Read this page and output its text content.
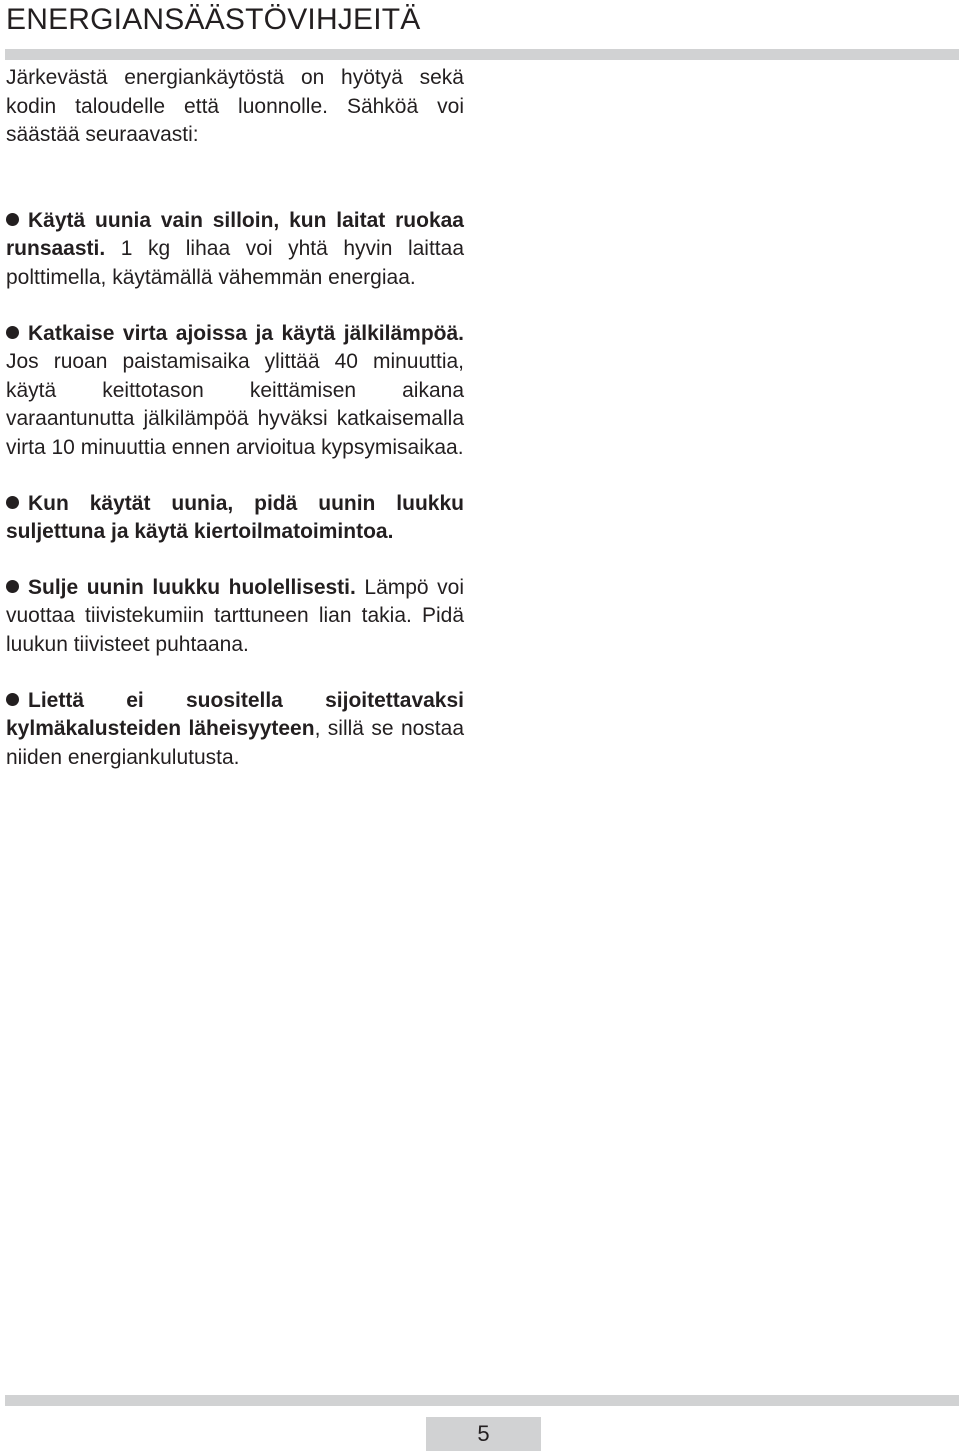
ENERGIANSÄÄSTÖVIHJEITÄ

Järkevästä energiankäytöstä on hyötyä sekä kodin taloudelle että luonnolle. Sähköä voi säästää seuraavasti:

Käytä uunia vain silloin, kun laitat ruokaa runsaasti. 1 kg lihaa voi yhtä hyvin laittaa polttimella, käytämällä vähemmän energiaa.

Katkaise virta ajoissa ja käytä jälkilämpöä. Jos ruoan paistamisaika ylittää 40 minuuttia, käytä keittotason keittämisen aikana varaantunutta jälkilämpöä hyväksi katkaisemalla virta 10 minuuttia ennen arvioitua kypsymisaikaa.

Kun käytät uunia, pidä uunin luukku suljettuna ja käytä kiertoilmatoimintoa.

Sulje uunin luukku huolellisesti. Lämpö voi vuottaa tiivistekumiin tarttuneen lian takia. Pidä luukun tiivisteet puhtaana.

Liettä ei suositella sijoitettavaksi kylmäkalusteiden läheisyyteen, sillä se nostaa niiden energiankulutusta.

5
